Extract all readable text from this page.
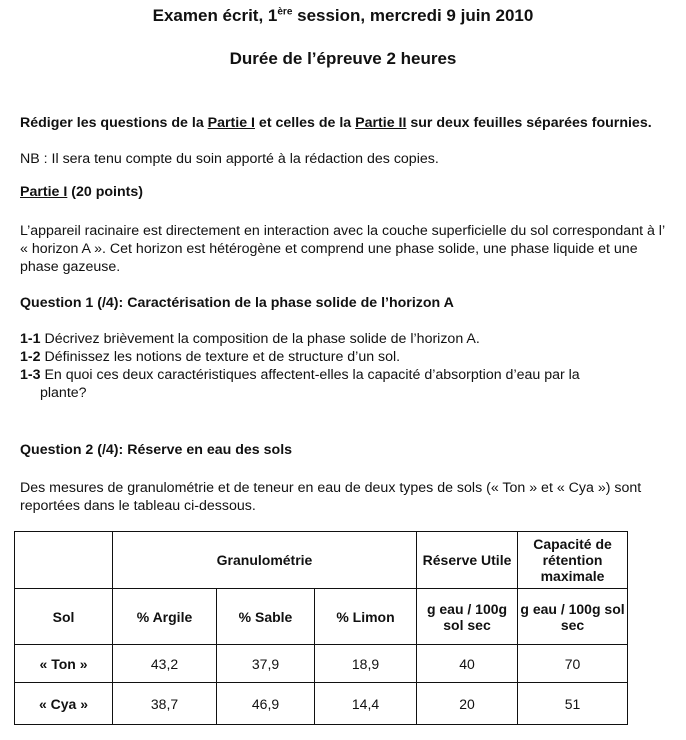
Examen écrit, 1ère session, mercredi 9 juin 2010
Durée de l’épreuve 2 heures
Rédiger les questions de la Partie I et celles de la Partie II sur deux feuilles séparées fournies.
NB : Il sera tenu compte du soin apporté à la rédaction des copies.
Partie I (20 points)
L’appareil racinaire est directement en interaction avec la couche superficielle du sol correspondant à l’ « horizon A ». Cet horizon est hétérogène et comprend une phase solide, une phase liquide et une phase gazeuse.
Question 1 (/4): Caractérisation de la phase solide de l’horizon A
1-1 Décrivez brièvement la composition de la phase solide de l’horizon A.
1-2 Définissez les notions de texture et de structure d’un sol.
1-3 En quoi ces deux caractéristiques affectent-elles la capacité d’absorption d’eau par la
plante?
Question 2 (/4): Réserve en eau des sols
Des mesures de granulométrie et de teneur en eau de deux types de sols (« Ton » et « Cya ») sont reportées dans le tableau ci-dessous.
	Granulométrie			Réserve Utile	Capacité de rétention maximale
Sol	% Argile	% Sable	% Limon	g eau / 100g sol sec	g eau / 100g sol sec
« Ton »	43,2	37,9	18,9	40	70
« Cya »	38,7	46,9	14,4	20	51
